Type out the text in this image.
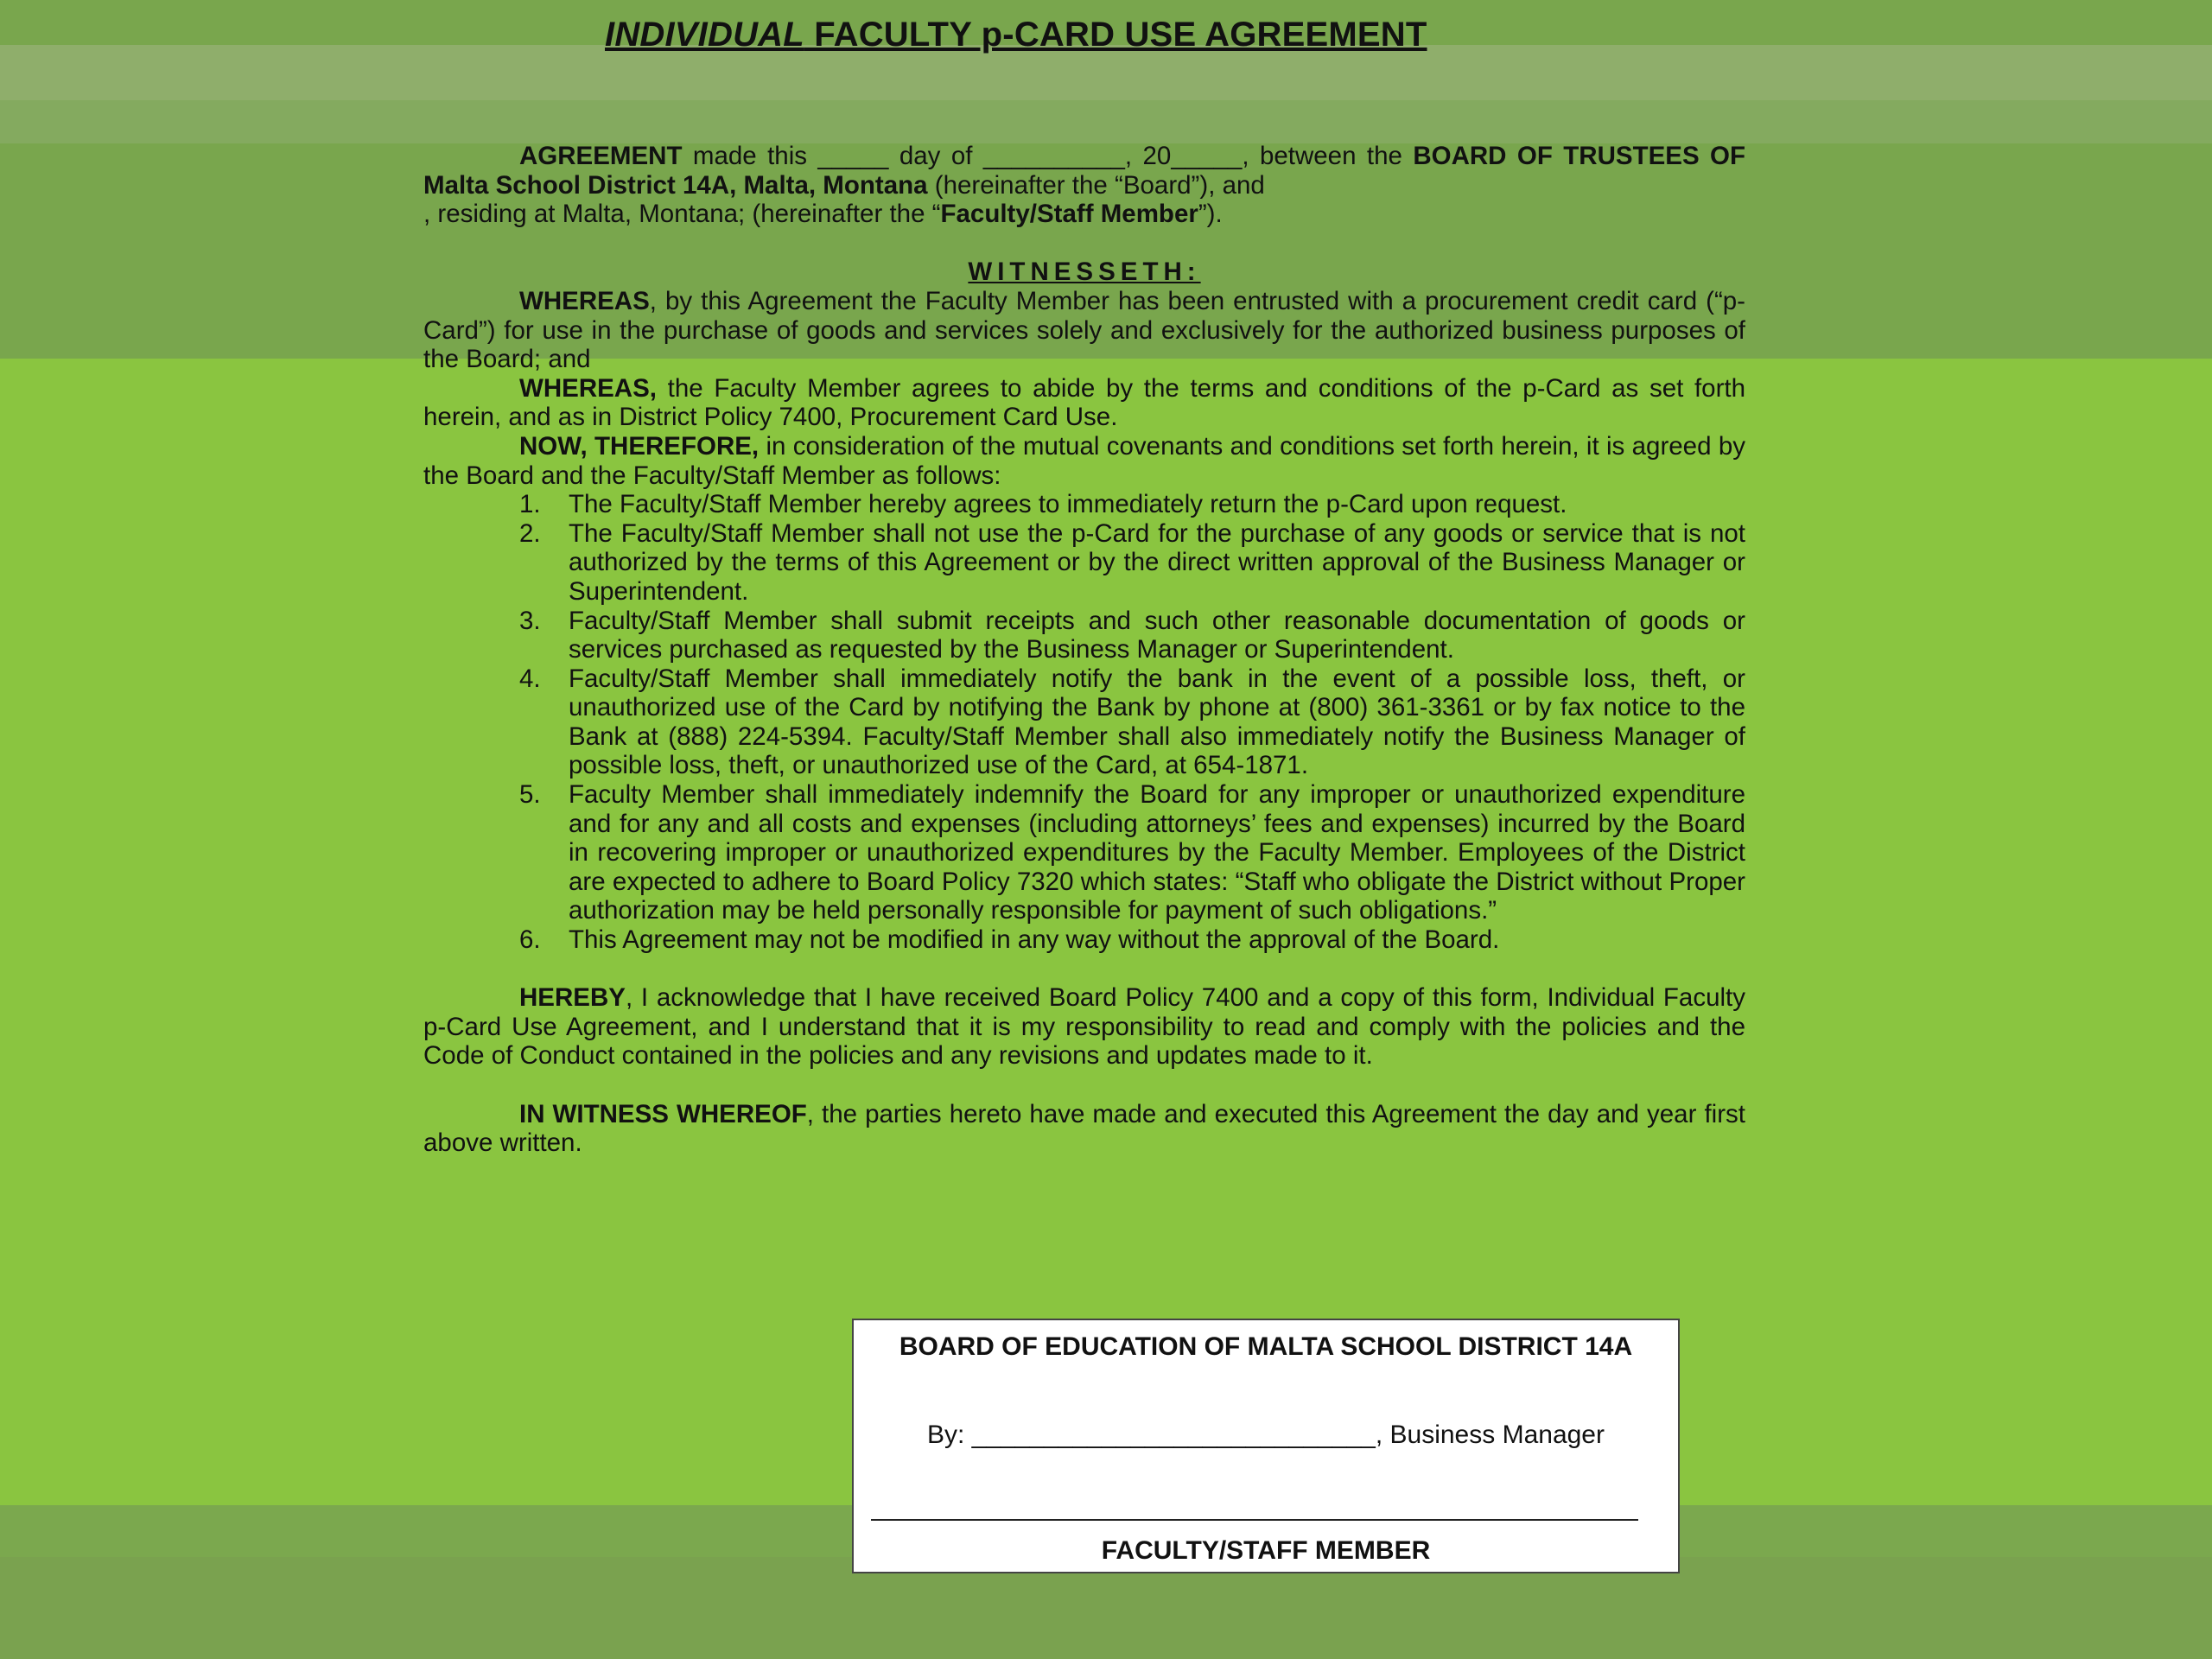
INDIVIDUAL FACULTY p-CARD USE AGREEMENT

AGREEMENT made this _____ day of __________, 20_____, between the BOARD OF TRUSTEES OF Malta School District 14A, Malta, Montana (hereinafter the “Board”), and
, residing at Malta, Montana; (hereinafter the “Faculty/Staff Member”).

WITNESSETH:

WHEREAS, by this Agreement the Faculty Member has been entrusted with a procurement credit card (“p-Card”) for use in the purchase of goods and services solely and exclusively for the authorized business purposes of the Board; and

WHEREAS, the Faculty Member agrees to abide by the terms and conditions of the p-Card as set forth herein, and as in District Policy 7400, Procurement Card Use.

NOW, THEREFORE, in consideration of the mutual covenants and conditions set forth herein, it is agreed by the Board and the Faculty/Staff Member as follows:

1. The Faculty/Staff Member hereby agrees to immediately return the p-Card upon request.
2. The Faculty/Staff Member shall not use the p-Card for the purchase of any goods or service that is not authorized by the terms of this Agreement or by the direct written approval of the Business Manager or Superintendent.
3. Faculty/Staff Member shall submit receipts and such other reasonable documentation of goods or services purchased as requested by the Business Manager or Superintendent.
4. Faculty/Staff Member shall immediately notify the bank in the event of a possible loss, theft, or unauthorized use of the Card by notifying the Bank by phone at (800) 361-3361 or by fax notice to the Bank at (888) 224-5394. Faculty/Staff Member shall also immediately notify the Business Manager of possible loss, theft, or unauthorized use of the Card, at 654-1871.
5. Faculty Member shall immediately indemnify the Board for any improper or unauthorized expenditure and for any and all costs and expenses (including attorneys’ fees and expenses) incurred by the Board in recovering improper or unauthorized expenditures by the Faculty Member. Employees of the District are expected to adhere to Board Policy 7320 which states: “Staff who obligate the District without Proper authorization may be held personally responsible for payment of such obligations.”
6. This Agreement may not be modified in any way without the approval of the Board.

HEREBY, I acknowledge that I have received Board Policy 7400 and a copy of this form, Individual Faculty p-Card Use Agreement, and I understand that it is my responsibility to read and comply with the policies and the Code of Conduct contained in the policies and any revisions and updates made to it.

IN WITNESS WHEREOF, the parties hereto have made and executed this Agreement the day and year first above written.

BOARD OF EDUCATION OF MALTA SCHOOL DISTRICT 14A
By: ____________________________, Business Manager
FACULTY/STAFF MEMBER
